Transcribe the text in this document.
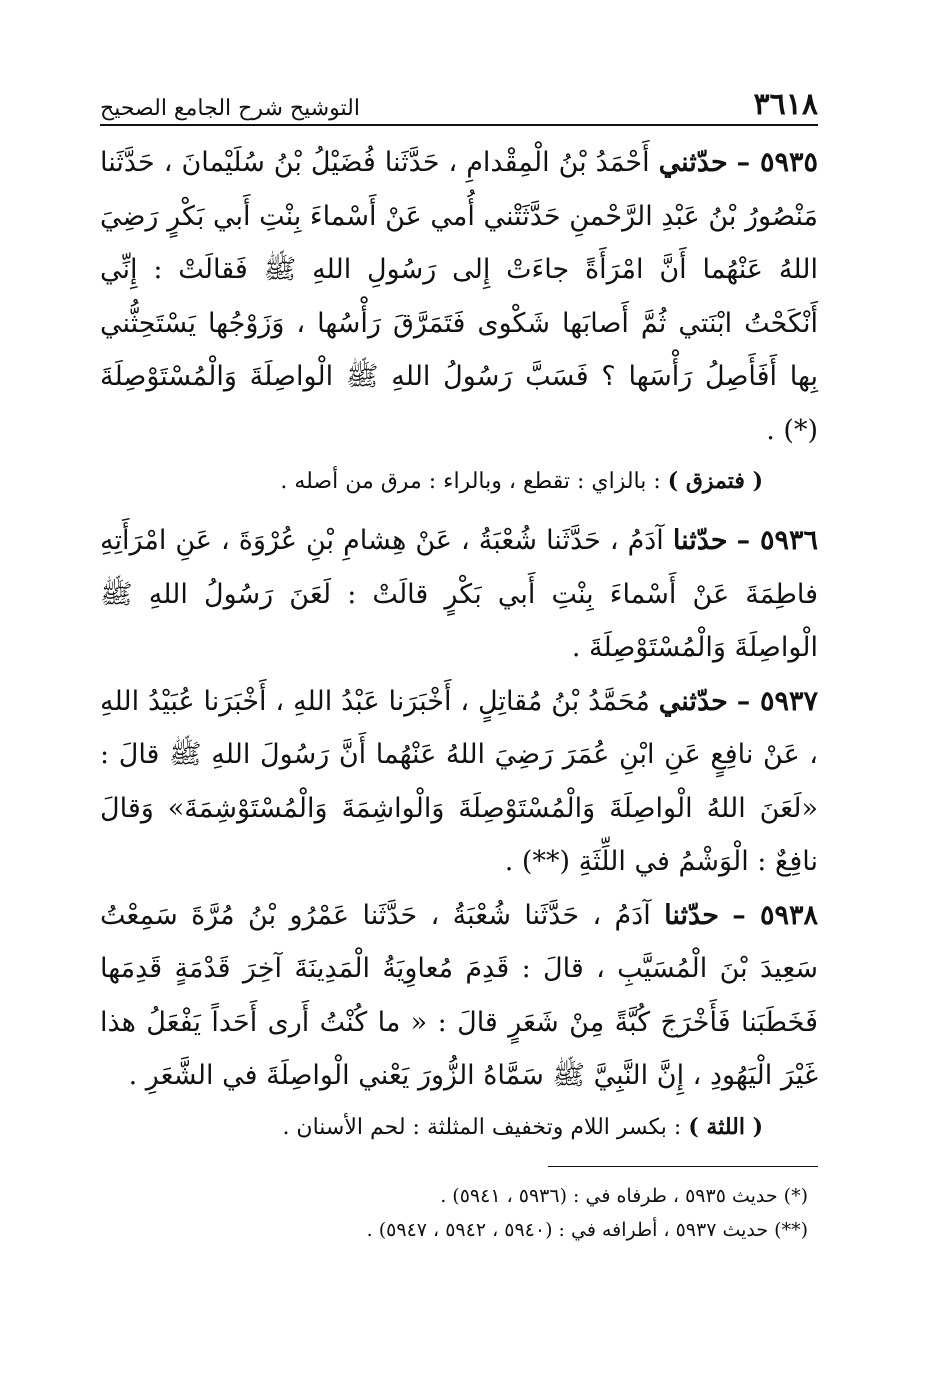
٣٦١٨
التوشيح شرح الجامع الصحيح

٥٩٣٥ – حدّثني أَحْمَدُ بْنُ الْمِقْدامِ ، حَدَّثَنا فُضَيْلُ بْنُ سُلَيْمانَ ، حَدَّثَنا مَنْصُورُ بْنُ عَبْدِ الرَّحْمنِ حَدَّثَتْني أُمي عَنْ أَسْماءَ بِنْتِ أَبي بَكْرٍ رَضِيَ اللهُ عَنْهُما أَنَّ امْرَأَةً جاءَتْ إِلى رَسُولِ اللهِ ﷺ فَقالَتْ : إِنِّي أَنْكَحْتُ ابْنَتي ثُمَّ أَصابَها شَكْوى فَتَمَرَّقَ رَأْسُها ، وَزَوْجُها يَسْتَحِثُّني بِها أَفَأَصِلُ رَأْسَها ؟ فَسَبَّ رَسُولُ اللهِ ﷺ الْواصِلَةَ وَالْمُسْتَوْصِلَةَ (*) .

( فتمزق ) : بالزاي : تقطع ، وبالراء : مرق من أصله .

٥٩٣٦ – حدّثنا آدَمُ ، حَدَّثَنا شُعْبَةُ ، عَنْ هِشامِ بْنِ عُرْوَةَ ، عَنِ امْرَأَتِهِ فاطِمَةَ عَنْ أَسْماءَ بِنْتِ أَبي بَكْرٍ قالَتْ : لَعَنَ رَسُولُ اللهِ ﷺ الْواصِلَةَ وَالْمُسْتَوْصِلَةَ .

٥٩٣٧ – حدّثني مُحَمَّدُ بْنُ مُقاتِلٍ ، أَخْبَرَنا عَبْدُ اللهِ ، أَخْبَرَنا عُبَيْدُ اللهِ ، عَنْ نافِعٍ عَنِ ابْنِ عُمَرَ رَضِيَ اللهُ عَنْهُما أَنَّ رَسُولَ اللهِ ﷺ قالَ : «لَعَنَ اللهُ الْواصِلَةَ وَالْمُسْتَوْصِلَةَ وَالْواشِمَةَ وَالْمُسْتَوْشِمَةَ» وَقالَ نافِعٌ : الْوَشْمُ في اللِّثَةِ (**) .

٥٩٣٨ – حدّثنا آدَمُ ، حَدَّثَنا شُعْبَةُ ، حَدَّثَنا عَمْرُو بْنُ مُرَّةَ سَمِعْتُ سَعِيدَ بْنَ الْمُسَيَّبِ ، قالَ : قَدِمَ مُعاوِيَةُ الْمَدِينَةَ آخِرَ قَدْمَةٍ قَدِمَها فَخَطَبَنا فَأَخْرَجَ كُبَّةً مِنْ شَعَرٍ قالَ : « ما كُنْتُ أَرى أَحَداً يَفْعَلُ هذا غَيْرَ الْيَهُودِ ، إِنَّ النَّبِيَّ ﷺ سَمَّاهُ الزُّورَ يَعْني الْواصِلَةَ في الشَّعَرِ .

( اللثة ) : بكسر اللام وتخفيف المثلثة : لحم الأسنان .
(*) حديث ٥٩٣٥ ، طرفاه في : (٥٩٣٦ ، ٥٩٤١) .
(**) حديث ٥٩٣٧ ، أطرافه في : (٥٩٤٠ ، ٥٩٤٢ ، ٥٩٤٧) .
